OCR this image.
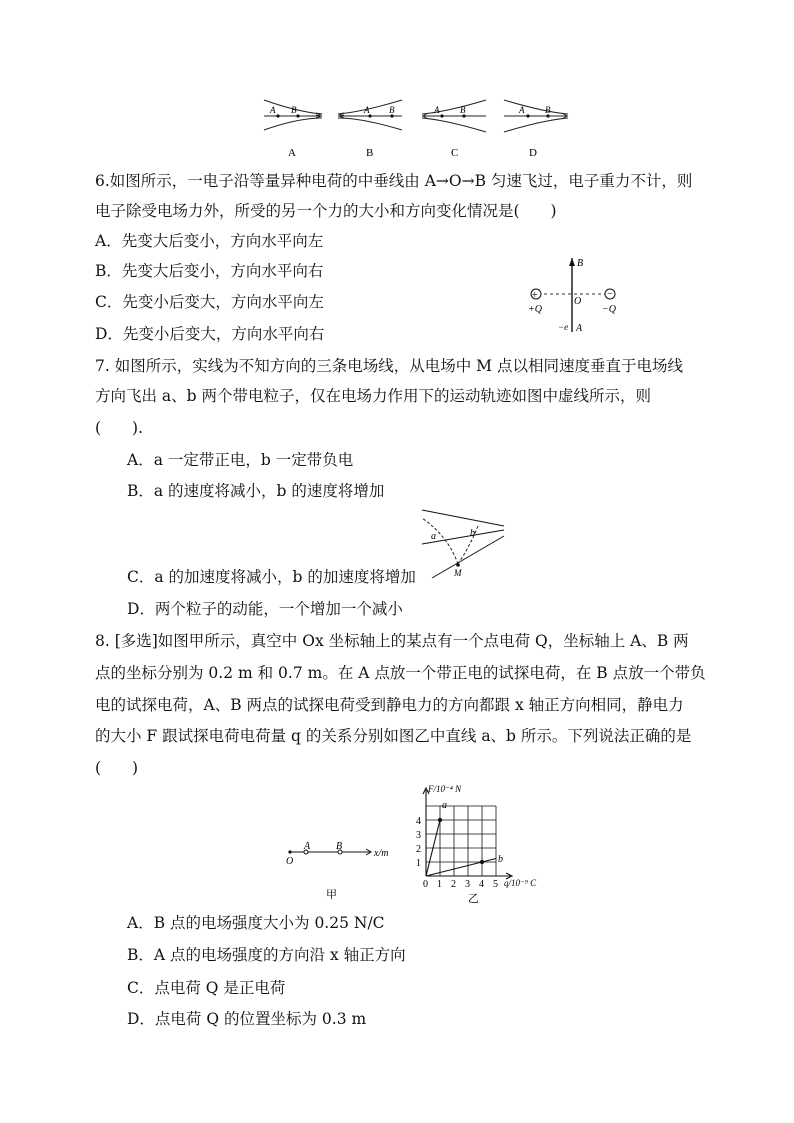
A B	A B	A B	A B
A	B	C	D
6.如图所示，一电子沿等量异种电荷的中垂线由 A→O→B 匀速飞过，电子重力不计，则
电子除受电场力外，所受的另一个力的大小和方向变化情况是(　　)
A．先变大后变小，方向水平向左
B．先变大后变小，方向水平向右
C．先变小后变大，方向水平向左
D．先变小后变大，方向水平向右
+	−
B
O
A
+Q	−Q
−e
7. 如图所示，实线为不知方向的三条电场线，从电场中 M 点以相同速度垂直于电场线
方向飞出 a、b 两个带电粒子，仅在电场力作用下的运动轨迹如图中虚线所示，则
(　　).
A．a 一定带正电，b 一定带负电
B．a 的速度将减小，b 的速度将增加
C．a 的加速度将减小，b 的加速度将增加
D．两个粒子的动能，一个增加一个减小
a	b
M
8. [多选]如图甲所示，真空中 Ox 坐标轴上的某点有一个点电荷 Q，坐标轴上 A、B 两
点的坐标分别为 0.2 m 和 0.7 m。在 A 点放一个带正电的试探电荷，在 B 点放一个带负
电的试探电荷，A、B 两点的试探电荷受到静电力的方向都跟 x 轴正方向相同，静电力
的大小 F 跟试探电荷电荷量 q 的关系分别如图乙中直线 a、b 所示。下列说法正确的是
(　　)
O
A	B
x/m
甲
0 1 2 3 4 5
1
2
3
4
F/10⁻⁴ N
q/10⁻⁹ C
a
b
乙
A．B 点的电场强度大小为 0.25 N/C
B．A 点的电场强度的方向沿 x 轴正方向
C．点电荷 Q 是正电荷
D．点电荷 Q 的位置坐标为 0.3 m
